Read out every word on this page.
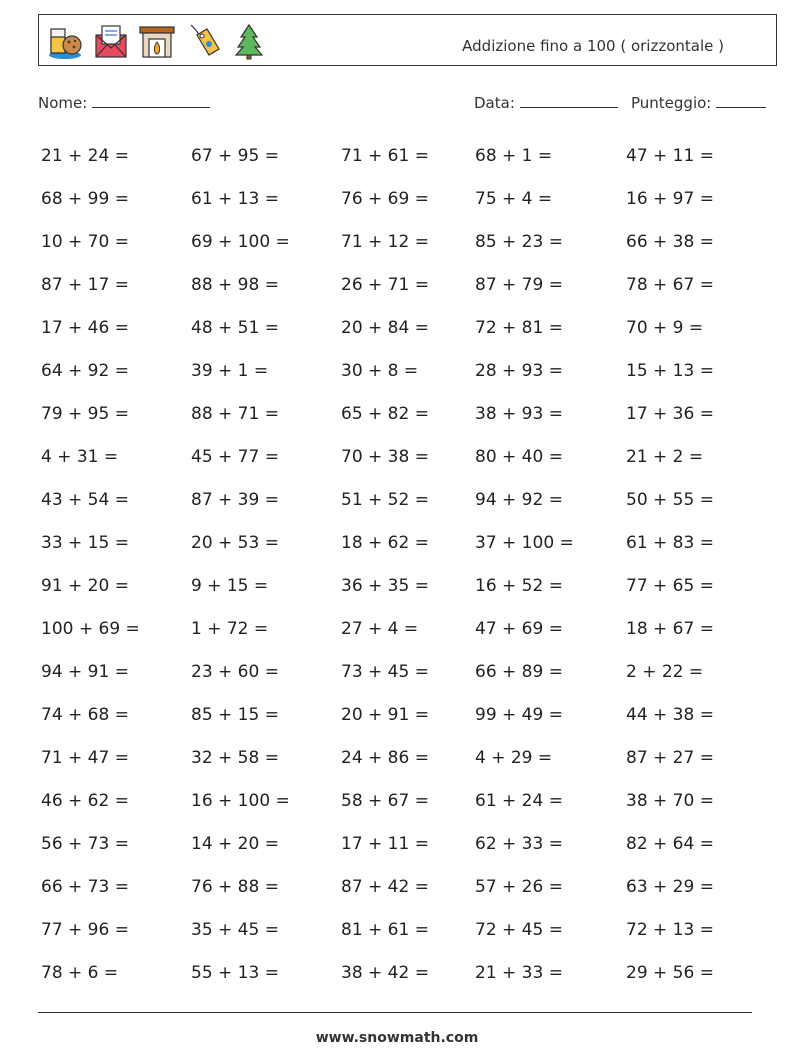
Addizione fino a 100 ( orizzontale )
Nome:	Data:	Punteggio:
21 + 24 =	67 + 95 =	71 + 61 =	68 + 1 =	47 + 11 =
68 + 99 =	61 + 13 =	76 + 69 =	75 + 4 =	16 + 97 =
10 + 70 =	69 + 100 =	71 + 12 =	85 + 23 =	66 + 38 =
87 + 17 =	88 + 98 =	26 + 71 =	87 + 79 =	78 + 67 =
17 + 46 =	48 + 51 =	20 + 84 =	72 + 81 =	70 + 9 =
64 + 92 =	39 + 1 =	30 + 8 =	28 + 93 =	15 + 13 =
79 + 95 =	88 + 71 =	65 + 82 =	38 + 93 =	17 + 36 =
4 + 31 =	45 + 77 =	70 + 38 =	80 + 40 =	21 + 2 =
43 + 54 =	87 + 39 =	51 + 52 =	94 + 92 =	50 + 55 =
33 + 15 =	20 + 53 =	18 + 62 =	37 + 100 =	61 + 83 =
91 + 20 =	9 + 15 =	36 + 35 =	16 + 52 =	77 + 65 =
100 + 69 =	1 + 72 =	27 + 4 =	47 + 69 =	18 + 67 =
94 + 91 =	23 + 60 =	73 + 45 =	66 + 89 =	2 + 22 =
74 + 68 =	85 + 15 =	20 + 91 =	99 + 49 =	44 + 38 =
71 + 47 =	32 + 58 =	24 + 86 =	4 + 29 =	87 + 27 =
46 + 62 =	16 + 100 =	58 + 67 =	61 + 24 =	38 + 70 =
56 + 73 =	14 + 20 =	17 + 11 =	62 + 33 =	82 + 64 =
66 + 73 =	76 + 88 =	87 + 42 =	57 + 26 =	63 + 29 =
77 + 96 =	35 + 45 =	81 + 61 =	72 + 45 =	72 + 13 =
78 + 6 =	55 + 13 =	38 + 42 =	21 + 33 =	29 + 56 =
www.snowmath.com
